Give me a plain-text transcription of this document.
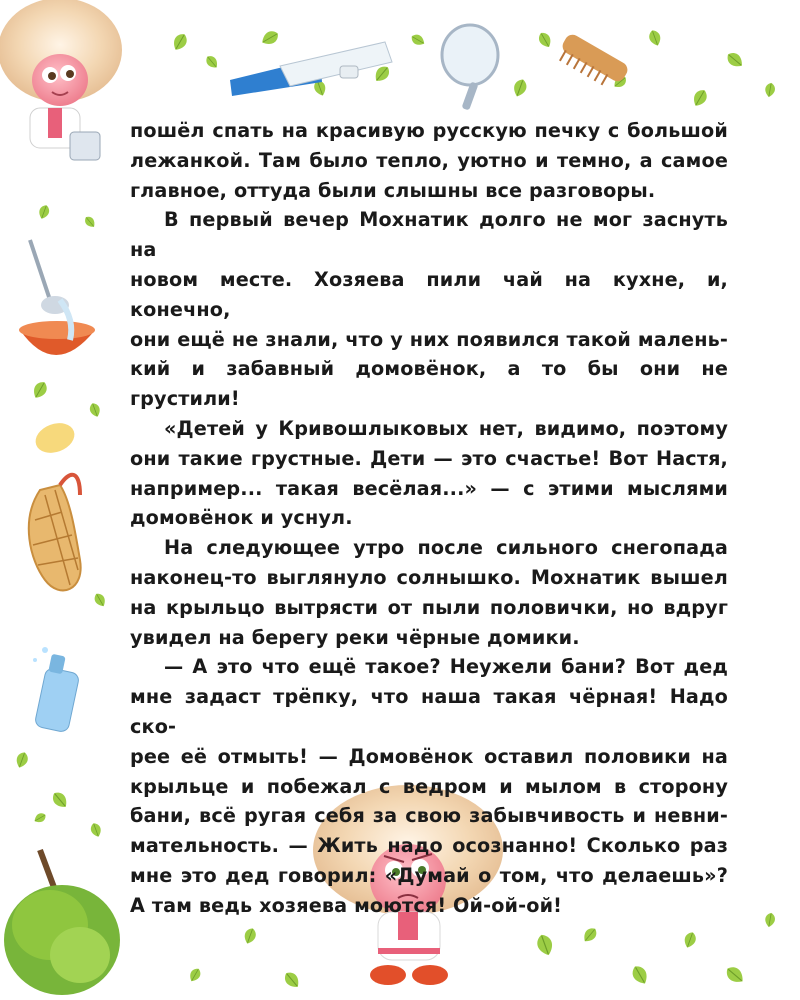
пошёл спать на красивую русскую печку с большой
лежанкой. Там было тепло, уютно и темно, а самое
главное, оттуда были слышны все разговоры.

В первый вечер Мохнатик долго не мог заснуть на
новом месте. Хозяева пили чай на кухне, и, конечно,
они ещё не знали, что у них появился такой малень-
кий и забавный домовёнок, а то бы они не грустили!

«Детей у Кривошлыковых нет, видимо, поэтому
они такие грустные. Дети — это счастье! Вот Настя,
например... такая весёлая...» — с этими мыслями
домовёнок и уснул.

На следующее утро после сильного снегопада
наконец-то выглянуло солнышко. Мохнатик вышел
на крыльцо вытрясти от пыли половички, но вдруг
увидел на берегу реки чёрные домики.

— А это что ещё такое? Неужели бани? Вот дед
мне задаст трёпку, что наша такая чёрная! Надо ско-
рее её отмыть! — Домовёнок оставил половики на
крыльце и побежал с ведром и мылом в сторону
бани, всё ругая себя за свою забывчивость и невни-
мательность. — Жить надо осознанно! Сколько раз
мне это дед говорил: «Думай о том, что делаешь»?
А там ведь хозяева моются! Ой-ой-ой!
